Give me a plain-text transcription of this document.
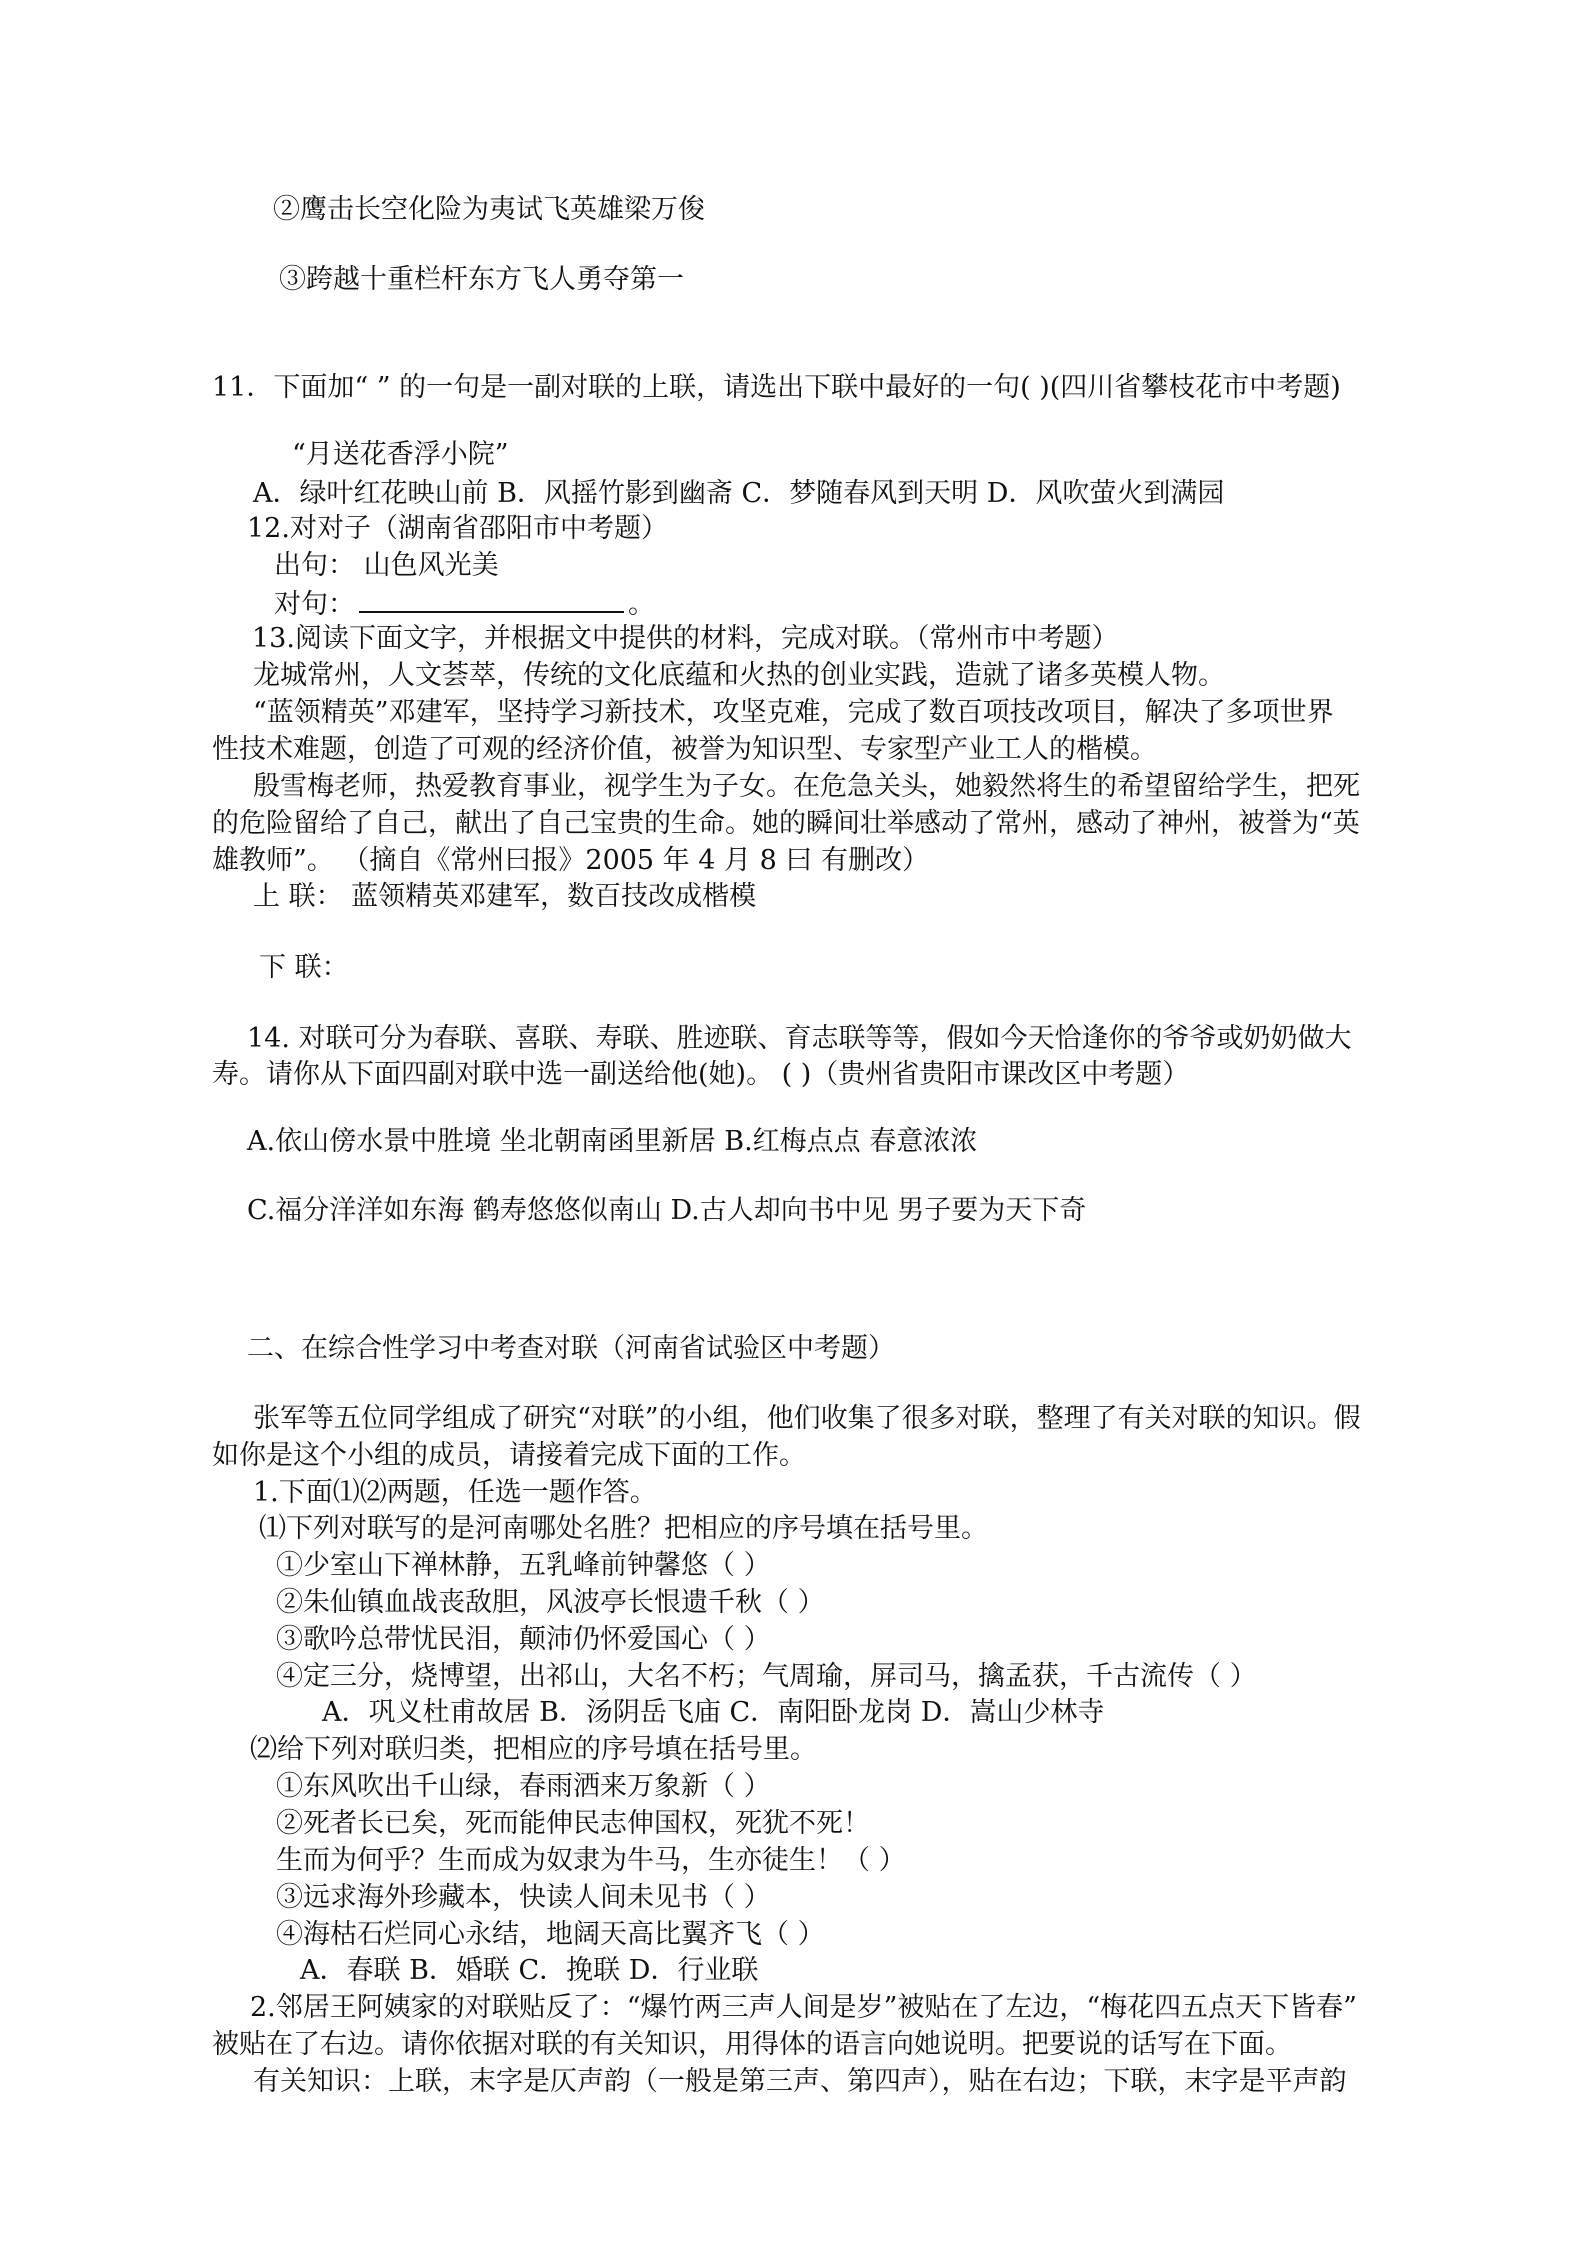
②鹰击长空化险为夷试飞英雄梁万俊
③跨越十重栏杆东方飞人勇夺第一
11．下面加“ ” 的一句是一副对联的上联，请选出下联中最好的一句( )(四川省攀枝花市中考题)
“月送花香浮小院”
A．绿叶红花映山前 B．风摇竹影到幽斋 C．梦随春风到天明 D．风吹萤火到满园
12.对对子（湖南省邵阳市中考题）
出句： 山色风光美
对句：	。
13.阅读下面文字，并根据文中提供的材料，完成对联。（常州市中考题）
龙城常州，人文荟萃，传统的文化底蕴和火热的创业实践，造就了诸多英模人物。
“蓝领精英”邓建军，坚持学习新技术，攻坚克难，完成了数百项技改项目，解决了多项世界
性技术难题，创造了可观的经济价值，被誉为知识型、专家型产业工人的楷模。
殷雪梅老师，热爱教育事业，视学生为子女。在危急关头，她毅然将生的希望留给学生，把死
的危险留给了自己，献出了自己宝贵的生命。她的瞬间壮举感动了常州，感动了神州，被誉为“英
雄教师”。 （摘自《常州曰报》2005 年 4 月 8 曰 有删改）
上 联： 蓝领精英邓建军，数百技改成楷模
下 联：
14. 对联可分为春联、喜联、寿联、胜迹联、育志联等等，假如今天恰逢你的爷爷或奶奶做大
寿。请你从下面四副对联中选一副送给他(她)。 ( )（贵州省贵阳市课改区中考题）
A.依山傍水景中胜境 坐北朝南函里新居 B.红梅点点 春意浓浓
C.福分洋洋如东海 鹤寿悠悠似南山 D.古人却向书中见 男子要为天下奇
二、在综合性学习中考查对联（河南省试验区中考题）
张军等五位同学组成了研究“对联”的小组，他们收集了很多对联，整理了有关对联的知识。假
如你是这个小组的成员，请接着完成下面的工作。
1.下面⑴⑵两题，任选一题作答。
⑴下列对联写的是河南哪处名胜？把相应的序号填在括号里。
①少室山下禅林静，五乳峰前钟馨悠（ ）
②朱仙镇血战丧敌胆，风波亭长恨遗千秋（ ）
③歌吟总带忧民泪，颠沛仍怀爱国心（ ）
④定三分，烧博望，出祁山，大名不朽；气周瑜，屏司马，擒孟获，千古流传（ ）
A．巩义杜甫故居 B．汤阴岳飞庙 C．南阳卧龙岗 D．嵩山少林寺
⑵给下列对联归类，把相应的序号填在括号里。
①东风吹出千山绿，春雨洒来万象新（ ）
②死者长已矣，死而能伸民志伸国权，死犹不死！
生而为何乎？生而成为奴隶为牛马，生亦徒生！（ ）
③远求海外珍藏本，快读人间未见书（ ）
④海枯石烂同心永结，地阔天高比翼齐飞（ ）
A．春联 B．婚联 C．挽联 D．行业联
2.邻居王阿姨家的对联贴反了：“爆竹两三声人间是岁”被贴在了左边，“梅花四五点天下皆春”
被贴在了右边。请你依据对联的有关知识，用得体的语言向她说明。把要说的话写在下面。
有关知识：上联，末字是仄声韵（一般是第三声、第四声），贴在右边；下联，末字是平声韵
